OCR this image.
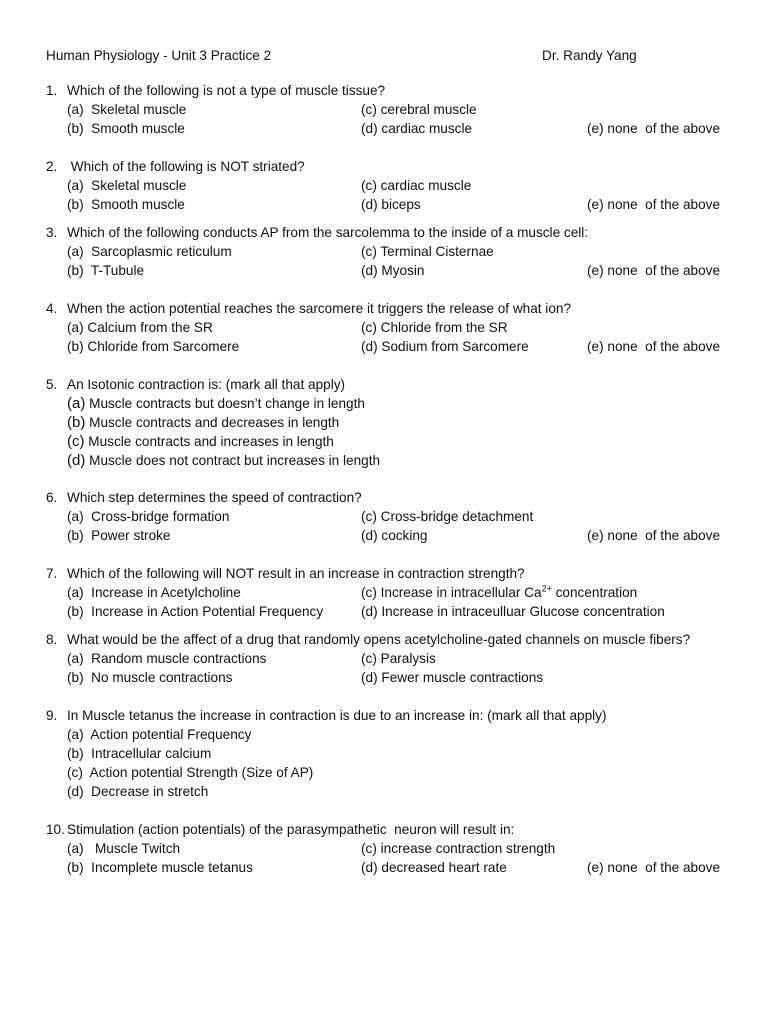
Human Physiology - Unit 3 Practice 2	Dr. Randy Yang
1. Which of the following is not a type of muscle tissue?
(a)  Skeletal muscle	(c) cerebral muscle
(b)  Smooth muscle	(d) cardiac muscle	(e) none  of the above
2. Which of the following is NOT striated?
(a)  Skeletal muscle	(c) cardiac muscle
(b)  Smooth muscle	(d) biceps	(e) none  of the above
3. Which of the following conducts AP from the sarcolemma to the inside of a muscle cell:
(a)  Sarcoplasmic reticulum	(c) Terminal Cisternae
(b)  T-Tubule	(d) Myosin	(e) none  of the above
4. When the action potential reaches the sarcomere it triggers the release of what ion?
(a) Calcium from the SR	(c) Chloride from the SR
(b) Chloride from Sarcomere	(d) Sodium from Sarcomere	(e) none  of the above
5. An Isotonic contraction is: (mark all that apply)
(a) Muscle contracts but doesn’t change in length
(b) Muscle contracts and decreases in length
(c) Muscle contracts and increases in length
(d) Muscle does not contract but increases in length
6. Which step determines the speed of contraction?
(a)  Cross-bridge formation	(c) Cross-bridge detachment
(b)  Power stroke	(d) cocking	(e) none  of the above
7. Which of the following will NOT result in an increase in contraction strength?
(a)  Increase in Acetylcholine	(c) Increase in intracellular $Ca^{2+}$ concentration
(b)  Increase in Action Potential Frequency	(d) Increase in intraceulluar Glucose concentration
8. What would be the affect of a drug that randomly opens acetylcholine-gated channels on muscle fibers?
(a)  Random muscle contractions	(c) Paralysis
(b)  No muscle contractions	(d) Fewer muscle contractions
9. In Muscle tetanus the increase in contraction is due to an increase in: (mark all that apply)
(a)  Action potential Frequency
(b)  Intracellular calcium
(c)  Action potential Strength (Size of AP)
(d)  Decrease in stretch
10. Stimulation (action potentials) of the parasympathetic  neuron will result in:
(a)   Muscle Twitch	(c) increase contraction strength
(b)  Incomplete muscle tetanus	(d) decreased heart rate	(e) none  of the above
